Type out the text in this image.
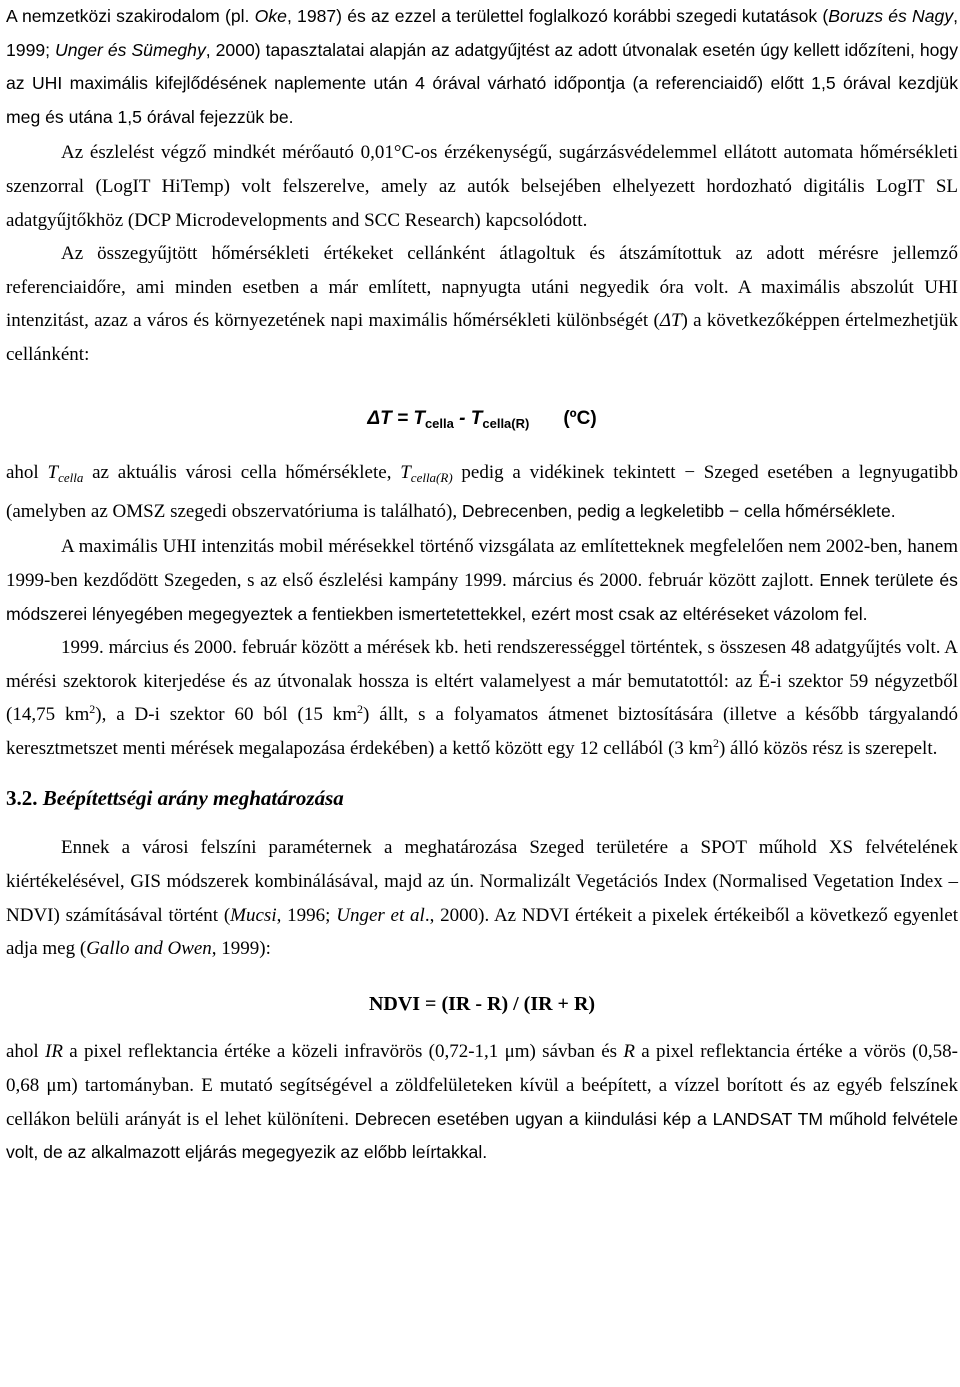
A nemzetközi szakirodalom (pl. Oke, 1987) és az ezzel a területtel foglalkozó korábbi szegedi kutatások (Boruzs és Nagy, 1999; Unger és Sümeghy, 2000) tapasztalatai alapján az adatgyűjtést az adott útvonalak esetén úgy kellett időzíteni, hogy az UHI maximális kifejlődésének naplemente után 4 órával várható időpontja (a referenciaidő) előtt 1,5 órával kezdjük meg és utána 1,5 órával fejezzük be.

Az észlelést végző mindkét mérőautó 0,01°C-os érzékenységű, sugárzásvédelemmel ellátott automata hőmérsékleti szenzorral (LogIT HiTemp) volt felszerelve, amely az autók belsejében elhelyezett hordozható digitális LogIT SL adatgyűjtőkhöz (DCP Microdevelopments and SCC Research) kapcsolódott.

Az összegyűjtött hőmérsékleti értékeket cellánként átlagoltuk és átszámítottuk az adott mérésre jellemző referenciaidőre, ami minden esetben a már említett, napnyugta utáni negyedik óra volt. A maximális abszolút UHI intenzitást, azaz a város és környezetének napi maximális hőmérsékleti különbségét (ΔT) a következőképpen értelmezhetjük cellánként:

$\Delta T = T_{cella} - T_{cella(R)}$ (ºC)

ahol $T_{cella}$ az aktuális városi cella hőmérséklete, $T_{cella(R)}$ pedig a vidékinek tekintett − Szeged esetében a legnyugatibb (amelyben az OMSZ szegedi obszervatóriuma is található), Debrecenben, pedig a legkeletibb − cella hőmérséklete.

A maximális UHI intenzitás mobil mérésekkel történő vizsgálata az említetteknek megfelelően nem 2002-ben, hanem 1999-ben kezdődött Szegeden, s az első észlelési kampány 1999. március és 2000. február között zajlott. Ennek területe és módszerei lényegében megegyeztek a fentiekben ismertetettekkel, ezért most csak az eltéréseket vázolom fel.

1999. március és 2000. február között a mérések kb. heti rendszerességgel történtek, s összesen 48 adatgyűjtés volt. A mérési szektorok kiterjedése és az útvonalak hossza is eltért valamelyest a már bemutatottól: az É-i szektor 59 négyzetből (14,75 $km^2$), a D-i szektor 60 ból (15 $km^2$) állt, s a folyamatos átmenet biztosítására (illetve a később tárgyalandó keresztmetszet menti mérések megalapozása érdekében) a kettő között egy 12 cellából (3 $km^2$) álló közös rész is szerepelt.

3.2. Beépítettségi arány meghatározása

Ennek a városi felszíni paraméternek a meghatározása Szeged területére a SPOT műhold XS felvételének kiértékelésével, GIS módszerek kombinálásával, majd az ún. Normalizált Vegetációs Index (Normalised Vegetation Index – NDVI) számításával történt (Mucsi, 1996; Unger et al., 2000). Az NDVI értékeit a pixelek értékeiből a következő egyenlet adja meg (Gallo and Owen, 1999):

NDVI = (IR - R) / (IR + R)

ahol IR a pixel reflektancia értéke a közeli infravörös (0,72-1,1 μm) sávban és R a pixel reflektancia értéke a vörös (0,58-0,68 μm) tartományban. E mutató segítségével a zöldfelületeken kívül a beépített, a vízzel borított és az egyéb felszínek cellákon belüli arányát is el lehet különíteni. Debrecen esetében ugyan a kiindulási kép a LANDSAT TM műhold felvétele volt, de az alkalmazott eljárás megegyezik az előbb leírtakkal.
